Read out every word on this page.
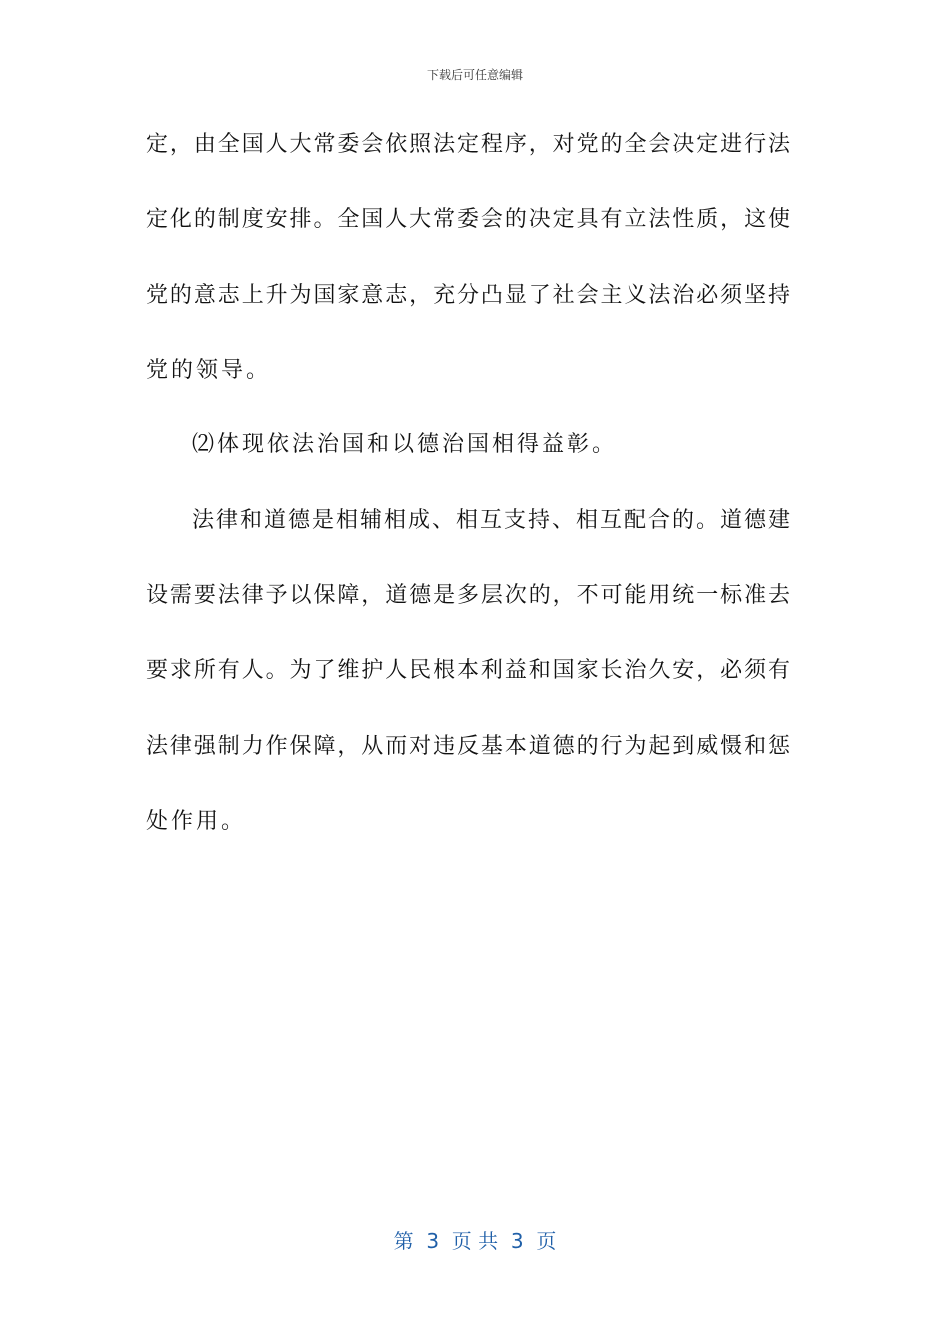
下载后可任意编辑
定，由全国人大常委会依照法定程序，对党的全会决定进行法
定化的制度安排。全国人大常委会的决定具有立法性质，这使
党的意志上升为国家意志，充分凸显了社会主义法治必须坚持
党的领导。
⑵体现依法治国和以德治国相得益彰。
法律和道德是相辅相成、相互支持、相互配合的。道德建
设需要法律予以保障，道德是多层次的，不可能用统一标准去
要求所有人。为了维护人民根本利益和国家长治久安，必须有
法律强制力作保障，从而对违反基本道德的行为起到威慑和惩
处作用。
第  3  页 共  3  页
